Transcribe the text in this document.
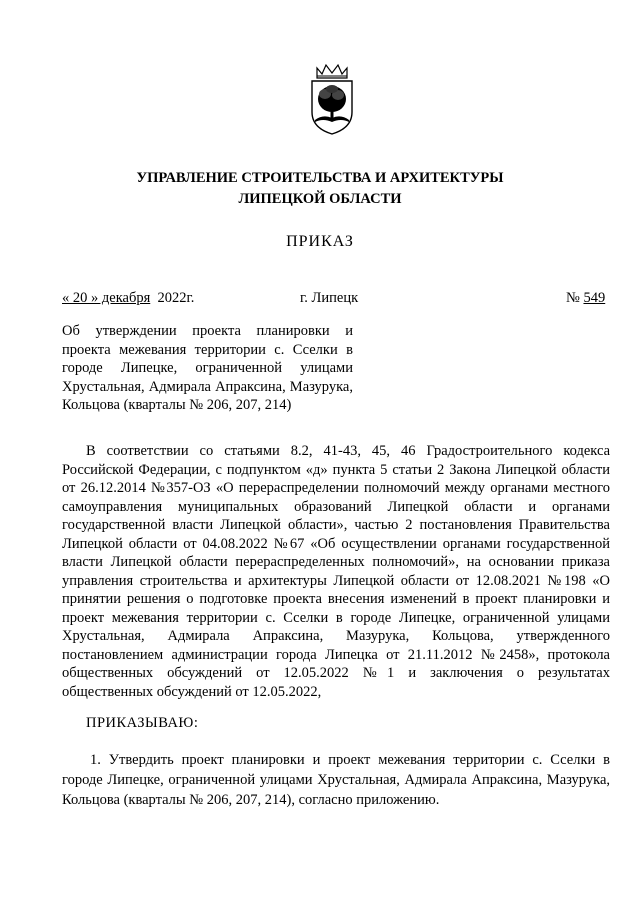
УПРАВЛЕНИЕ СТРОИТЕЛЬСТВА И АРХИТЕКТУРЫ
ЛИПЕЦКОЙ ОБЛАСТИ
ПРИКАЗ
« 20 » декабря 2022г.	г. Липецк	№ 549
Об утверждении проекта планировки и проекта межевания территории с. Сселки в городе Липецке, ограниченной улицами Хрустальная, Адмирала Апраксина, Мазурука, Кольцова (кварталы № 206, 207, 214)

В соответствии со статьями 8.2, 41-43, 45, 46 Градостроительного кодекса Российской Федерации, с подпунктом «д» пункта 5 статьи 2 Закона Липецкой области от 26.12.2014 №357-ОЗ «О перераспределении полномочий между органами местного самоуправления муниципальных образований Липецкой области и органами государственной власти Липецкой области», частью 2 постановления Правительства Липецкой области от 04.08.2022 №67 «Об осуществлении органами государственной власти Липецкой области перераспределенных полномочий», на основании приказа управления строительства и архитектуры Липецкой области от 12.08.2021 №198 «О принятии решения о подготовке проекта внесения изменений в проект планировки и проект межевания территории с. Сселки в городе Липецке, ограниченной улицами Хрустальная, Адмирала Апраксина, Мазурука, Кольцова, утвержденного постановлением администрации города Липецка от 21.11.2012 №2458», протокола общественных обсуждений от 12.05.2022 №1 и заключения о результатах общественных обсуждений от 12.05.2022,

ПРИКАЗЫВАЮ:

1. Утвердить проект планировки и проект межевания территории с. Сселки в городе Липецке, ограниченной улицами Хрустальная, Адмирала Апраксина, Мазурука, Кольцова (кварталы № 206, 207, 214), согласно приложению.
